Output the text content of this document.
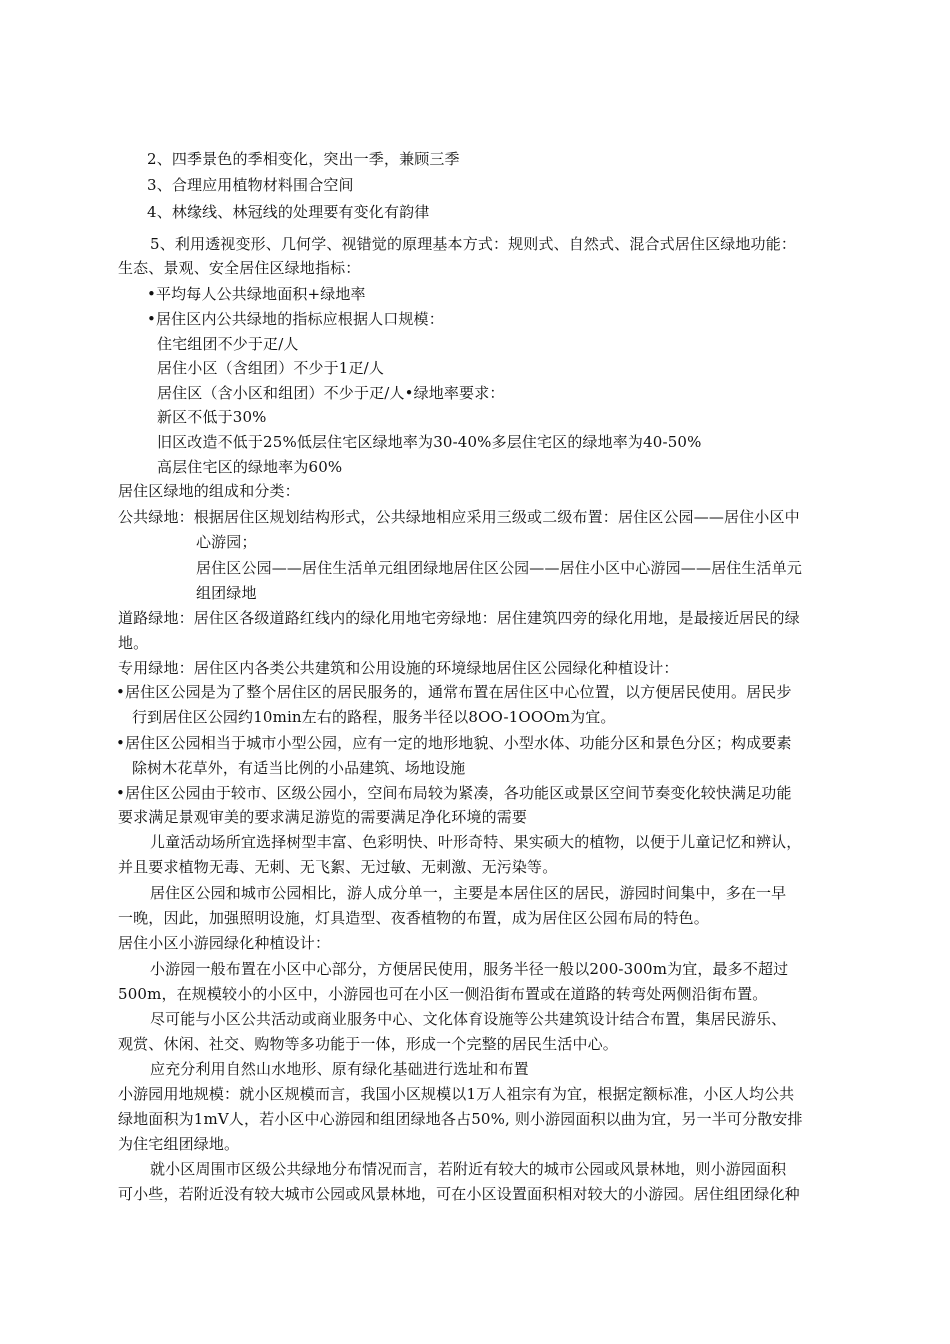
2、四季景色的季相变化，突出一季，兼顾三季
3、合理应用植物材料围合空间
4、林缘线、林冠线的处理要有变化有韵律
5、利用透视变形、几何学、视错觉的原理基本方式：规则式、自然式、混合式居住区绿地功能：
生态、景观、安全居住区绿地指标：
•平均每人公共绿地面积+绿地率
•居住区内公共绿地的指标应根据人口规模：
住宅组团不少于疋/人
居住小区（含组团）不少于1疋/人
居住区（含小区和组团）不少于疋/人•绿地率要求：
新区不低于30%
旧区改造不低于25%低层住宅区绿地率为30-40%多层住宅区的绿地率为40-50%
高层住宅区的绿地率为60%
居住区绿地的组成和分类：
公共绿地：根据居住区规划结构形式，公共绿地相应采用三级或二级布置：居住区公园——居住小区中
心游园；
居住区公园——居住生活单元组团绿地居住区公园——居住小区中心游园——居住生活单元
组团绿地
道路绿地：居住区各级道路红线内的绿化用地宅旁绿地：居住建筑四旁的绿化用地，是最接近居民的绿
地。
专用绿地：居住区内各类公共建筑和公用设施的环境绿地居住区公园绿化种植设计：
•居住区公园是为了整个居住区的居民服务的，通常布置在居住区中心位置，以方便居民使用。居民步
行到居住区公园约10min左右的路程，服务半径以8OO-1OOOm为宜。
•居住区公园相当于城市小型公园，应有一定的地形地貌、小型水体、功能分区和景色分区；构成要素
除树木花草外，有适当比例的小品建筑、场地设施
•居住区公园由于较市、区级公园小，空间布局较为紧凑，各功能区或景区空间节奏变化较快满足功能
要求满足景观审美的要求满足游览的需要满足净化环境的需要
儿童活动场所宜选择树型丰富、色彩明快、叶形奇特、果实硕大的植物，以便于儿童记忆和辨认，
并且要求植物无毒、无刺、无飞絮、无过敏、无刺激、无污染等。
居住区公园和城市公园相比，游人成分单一，主要是本居住区的居民，游园时间集中，多在一早
一晚，因此，加强照明设施，灯具造型、夜香植物的布置，成为居住区公园布局的特色。
居住小区小游园绿化种植设计：
小游园一般布置在小区中心部分，方便居民使用，服务半径一般以200-300m为宜，最多不超过
500m，在规模较小的小区中，小游园也可在小区一侧沿街布置或在道路的转弯处两侧沿街布置。
尽可能与小区公共活动或商业服务中心、文化体育设施等公共建筑设计结合布置，集居民游乐、
观赏、休闲、社交、购物等多功能于一体，形成一个完整的居民生活中心。
应充分利用自然山水地形、原有绿化基础进行选址和布置
小游园用地规模：就小区规模而言，我国小区规模以1万人祖宗有为宜，根据定额标准，小区人均公共
绿地面积为1mV人，若小区中心游园和组团绿地各占50%, 则小游园面积以曲为宜，另一半可分散安排
为住宅组团绿地。
就小区周围市区级公共绿地分布情况而言，若附近有较大的城市公园或风景林地，则小游园面积
可小些，若附近没有较大城市公园或风景林地，可在小区设置面积相对较大的小游园。居住组团绿化种
